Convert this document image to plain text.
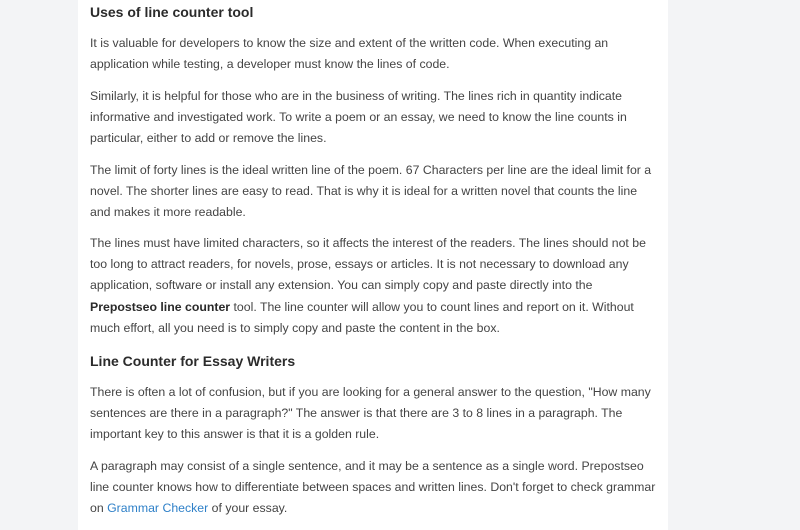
Uses of line counter tool

It is valuable for developers to know the size and extent of the written code. When executing an application while testing, a developer must know the lines of code.

Similarly, it is helpful for those who are in the business of writing. The lines rich in quantity indicate informative and investigated work. To write a poem or an essay, we need to know the line counts in particular, either to add or remove the lines.

The limit of forty lines is the ideal written line of the poem. 67 Characters per line are the ideal limit for a novel. The shorter lines are easy to read. That is why it is ideal for a written novel that counts the line and makes it more readable.

The lines must have limited characters, so it affects the interest of the readers. The lines should not be too long to attract readers, for novels, prose, essays or articles. It is not necessary to download any application, software or install any extension. You can simply copy and paste directly into the Prepostseo line counter tool. The line counter will allow you to count lines and report on it. Without much effort, all you need is to simply copy and paste the content in the box.

Line Counter for Essay Writers

There is often a lot of confusion, but if you are looking for a general answer to the question, "How many sentences are there in a paragraph?" The answer is that there are 3 to 8 lines in a paragraph. The important key to this answer is that it is a golden rule.

A paragraph may consist of a single sentence, and it may be a sentence as a single word. Prepostseo line counter knows how to differentiate between spaces and written lines. Don't forget to check grammar on Grammar Checker of your essay.
